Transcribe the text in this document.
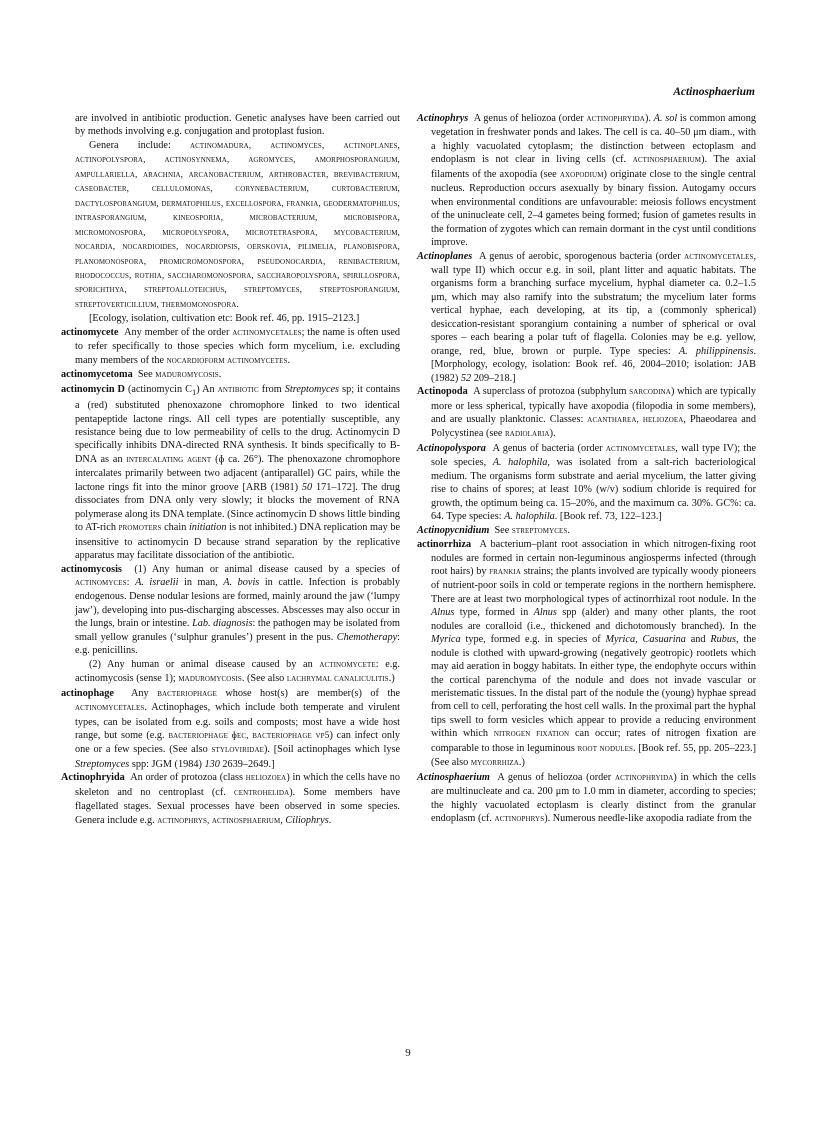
Actinosphaerium

are involved in antibiotic production. Genetic analyses have been carried out by methods involving e.g. conjugation and protoplast fusion.

Genera include: actinomadura, actinomyces, actinoplanes, actinopolyspora, actinosynnema, agromyces, amorphosporangium, ampullariella, arachnia, arcanobacterium, arthrobacter, brevibacterium, caseobacter, cellulomonas, corynebacterium, curtobacterium, dactylosporangium, dermatophilus, excellospora, frankia, geodermatophilus, intrasporangium, kineosporia, microbacterium, microbispora, micromonospora, micropolyspora, microtetraspora, mycobacterium, nocardia, nocardioides, nocardiopsis, oerskovia, pilimelia, planobispora, planomonospora, promicromonospora, pseudonocardia, renibacterium, rhodococcus, rothia, saccharomonospora, saccharopolyspora, spirillospora, sporichthya, streptoalloteichus, streptomyces, streptosporangium, streptoverticillium, thermomonospora.

[Ecology, isolation, cultivation etc: Book ref. 46, pp. 1915–2123.]

actinomycete Any member of the order actinomycetales; the name is often used to refer specifically to those species which form mycelium, i.e. excluding many members of the nocardioform actinomycetes.

actinomycetoma See maduromycosis.

actinomycin D (actinomycin $C_1$) An antibiotic from Streptomyces sp; it contains a (red) substituted phenoxazone chromophore linked to two identical pentapeptide lactone rings. All cell types are potentially susceptible, any resistance being due to low permeability of cells to the drug. Actinomycin D specifically inhibits DNA-directed RNA synthesis. It binds specifically to B-DNA as an intercalating agent (ɸ ca. 26°). The phenoxazone chromophore intercalates primarily between two adjacent (antiparallel) GC pairs, while the lactone rings fit into the minor groove [ARB (1981) 50 171–172]. The drug dissociates from DNA only very slowly; it blocks the movement of RNA polymerase along its DNA template. (Since actinomycin D shows little binding to AT-rich promoters chain initiation is not inhibited.) DNA replication may be insensitive to actinomycin D because strand separation by the replicative apparatus may facilitate dissociation of the antibiotic.

actinomycosis (1) Any human or animal disease caused by a species of actinomyces: A. israelii in man, A. bovis in cattle. Infection is probably endogenous. Dense nodular lesions are formed, mainly around the jaw (‘lumpy jaw’), developing into pus-discharging abscesses. Abscesses may also occur in the lungs, brain or intestine. Lab. diagnosis: the pathogen may be isolated from small yellow granules (‘sulphur granules’) present in the pus. Chemotherapy: e.g. penicillins.

(2) Any human or animal disease caused by an actinomycete: e.g. actinomycosis (sense 1); maduromycosis. (See also lachrymal canaliculitis.)

actinophage Any bacteriophage whose host(s) are member(s) of the actinomycetales. Actinophages, which include both temperate and virulent types, can be isolated from e.g. soils and composts; most have a wide host range, but some (e.g. bacteriophage ɸec, bacteriophage vp5) can infect only one or a few species. (See also styloviridae). [Soil actinophages which lyse Streptomyces spp: JGM (1984) 130 2639–2649.]

Actinophryida An order of protozoa (class heliozoea) in which the cells have no skeleton and no centroplast (cf. centrohelida). Some members have flagellated stages. Sexual processes have been observed in some species. Genera include e.g. actinophrys, actinosphaerium, Ciliophrys.

Actinophrys A genus of heliozoa (order actinophryida). A. sol is common among vegetation in freshwater ponds and lakes. The cell is ca. 40–50 μm diam., with a highly vacuolated cytoplasm; the distinction between ectoplasm and endoplasm is not clear in living cells (cf. actinosphaerium). The axial filaments of the axopodia (see axopodium) originate close to the single central nucleus. Reproduction occurs asexually by binary fission. Autogamy occurs when environmental conditions are unfavourable: meiosis follows encystment of the uninucleate cell, 2–4 gametes being formed; fusion of gametes results in the formation of zygotes which can remain dormant in the cyst until conditions improve.

Actinoplanes A genus of aerobic, sporogenous bacteria (order actinomycetales, wall type II) which occur e.g. in soil, plant litter and aquatic habitats. The organisms form a branching surface mycelium, hyphal diameter ca. 0.2–1.5 μm, which may also ramify into the substratum; the mycelium later forms vertical hyphae, each developing, at its tip, a (commonly spherical) desiccation-resistant sporangium containing a number of spherical or oval spores – each bearing a polar tuft of flagella. Colonies may be e.g. yellow, orange, red, blue, brown or purple. Type species: A. philippinensis. [Morphology, ecology, isolation: Book ref. 46, 2004–2010; isolation: JAB (1982) 52 209–218.]

Actinopoda A superclass of protozoa (subphylum sarcodina) which are typically more or less spherical, typically have axopodia (filopodia in some members), and are usually planktonic. Classes: acantharea, heliozoea, Phaeodarea and Polycystinea (see radiolaria).

Actinopolyspora A genus of bacteria (order actinomycetales, wall type IV); the sole species, A. halophila, was isolated from a salt-rich bacteriological medium. The organisms form substrate and aerial mycelium, the latter giving rise to chains of spores; at least 10% (w/v) sodium chloride is required for growth, the optimum being ca. 15–20%, and the maximum ca. 30%. GC%: ca. 64. Type species: A. halophila. [Book ref. 73, 122–123.]

Actinopycnidium See streptomyces.

actinorrhiza A bacterium–plant root association in which nitrogen-fixing root nodules are formed in certain non-leguminous angiosperms infected (through root hairs) by frankia strains; the plants involved are typically woody pioneers of nutrient-poor soils in cold or temperate regions in the northern hemisphere. There are at least two morphological types of actinorrhizal root nodule. In the Alnus type, formed in Alnus spp (alder) and many other plants, the root nodules are coralloid (i.e., thickened and dichotomously branched). In the Myrica type, formed e.g. in species of Myrica, Casuarina and Rubus, the nodule is clothed with upward-growing (negatively geotropic) rootlets which may aid aeration in boggy habitats. In either type, the endophyte occurs within the cortical parenchyma of the nodule and does not invade vascular or meristematic tissues. In the distal part of the nodule the (young) hyphae spread from cell to cell, perforating the host cell walls. In the proximal part the hyphal tips swell to form vesicles which appear to provide a reducing environment within which nitrogen fixation can occur; rates of nitrogen fixation are comparable to those in leguminous root nodules. [Book ref. 55, pp. 205–223.] (See also mycorrhiza.)

Actinosphaerium A genus of heliozoa (order actinophryida) in which the cells are multinucleate and ca. 200 μm to 1.0 mm in diameter, according to species; the highly vacuolated ectoplasm is clearly distinct from the granular endoplasm (cf. actinophrys). Numerous needle-like axopodia radiate from the

9
